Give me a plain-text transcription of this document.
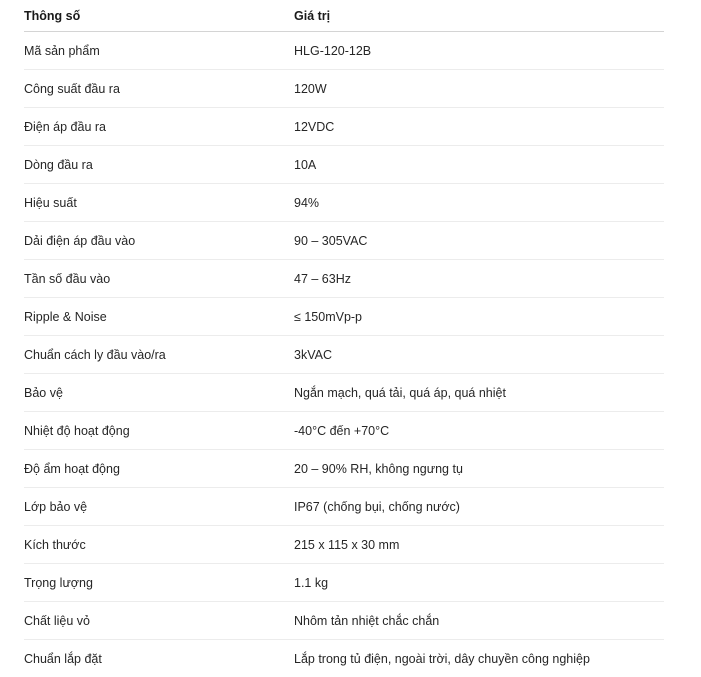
Thông số	Giá trị
Mã sản phẩm	HLG-120-12B
Công suất đầu ra	120W
Điện áp đầu ra	12VDC
Dòng đầu ra	10A
Hiệu suất	94%
Dải điện áp đầu vào	90 – 305VAC
Tần số đầu vào	47 – 63Hz
Ripple & Noise	≤ 150mVp-p
Chuẩn cách ly đầu vào/ra	3kVAC
Bảo vệ	Ngắn mạch, quá tải, quá áp, quá nhiệt
Nhiệt độ hoạt động	-40°C đến +70°C
Độ ẩm hoạt động	20 – 90% RH, không ngưng tụ
Lớp bảo vệ	IP67 (chống bụi, chống nước)
Kích thước	215 x 115 x 30 mm
Trọng lượng	1.1 kg
Chất liệu vỏ	Nhôm tản nhiệt chắc chắn
Chuẩn lắp đặt	Lắp trong tủ điện, ngoài trời, dây chuyền công nghiệp
